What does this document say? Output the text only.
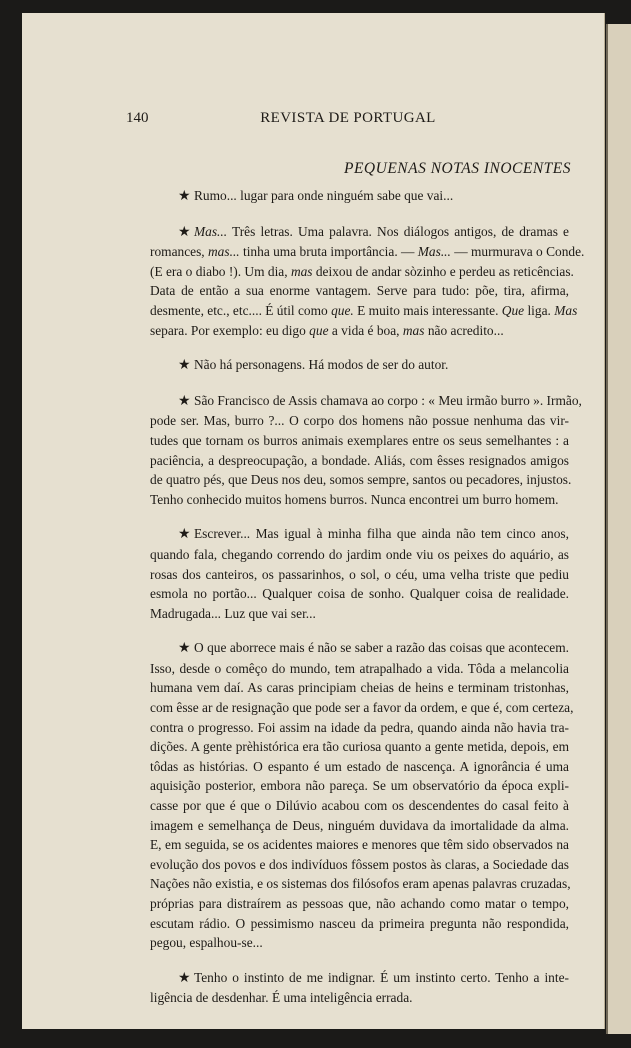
140	REVISTA DE PORTUGAL
PEQUENAS NOTAS INOCENTES
★ Rumo... lugar para onde ninguém sabe que vai...
★ Mas... Três letras. Uma palavra. Nos diálogos antigos, de dramas e
romances, mas... tinha uma bruta importância. — Mas... — murmurava o Conde.
(E era o diabo !). Um dia, mas deixou de andar sòzinho e perdeu as reticências.
Data de então a sua enorme vantagem. Serve para tudo: põe, tira, afirma,
desmente, etc., etc.... É útil como que. E muito mais interessante. Que liga. Mas
separa. Por exemplo: eu digo que a vida é boa, mas não acredito...
★ Não há personagens. Há modos de ser do autor.
★ São Francisco de Assis chamava ao corpo : « Meu irmão burro ». Irmão,
pode ser. Mas, burro ?... O corpo dos homens não possue nenhuma das vir-
tudes que tornam os burros animais exemplares entre os seus semelhantes : a
paciência, a despreocupação, a bondade. Aliás, com êsses resignados amigos
de quatro pés, que Deus nos deu, somos sempre, santos ou pecadores, injustos.
Tenho conhecido muitos homens burros. Nunca encontrei um burro homem.
★ Escrever... Mas igual à minha filha que ainda não tem cinco anos,
quando fala, chegando correndo do jardim onde viu os peixes do aquário, as
rosas dos canteiros, os passarinhos, o sol, o céu, uma velha triste que pediu
esmola no portão... Qualquer coisa de sonho. Qualquer coisa de realidade.
Madrugada... Luz que vai ser...
★ O que aborrece mais é não se saber a razão das coisas que acontecem.
Isso, desde o comêço do mundo, tem atrapalhado a vida. Tôda a melancolia
humana vem daí. As caras principiam cheias de heins e terminam tristonhas,
com êsse ar de resignação que pode ser a favor da ordem, e que é, com certeza,
contra o progresso. Foi assim na idade da pedra, quando ainda não havia tra-
dições. A gente prèhistórica era tão curiosa quanto a gente metida, depois, em
tôdas as histórias. O espanto é um estado de nascença. A ignorância é uma
aquisição posterior, embora não pareça. Se um observatório da época expli-
casse por que é que o Dilúvio acabou com os descendentes do casal feito à
imagem e semelhança de Deus, ninguém duvidava da imortalidade da alma.
E, em seguida, se os acidentes maiores e menores que têm sido observados na
evolução dos povos e dos indivíduos fôssem postos às claras, a Sociedade das
Nações não existia, e os sistemas dos filósofos eram apenas palavras cruzadas,
próprias para distraírem as pessoas que, não achando como matar o tempo,
escutam rádio. O pessimismo nasceu da primeira pregunta não respondida,
pegou, espalhou-se...
★ Tenho o instinto de me indignar. É um instinto certo. Tenho a inte-
ligência de desdenhar. É uma inteligência errada.
